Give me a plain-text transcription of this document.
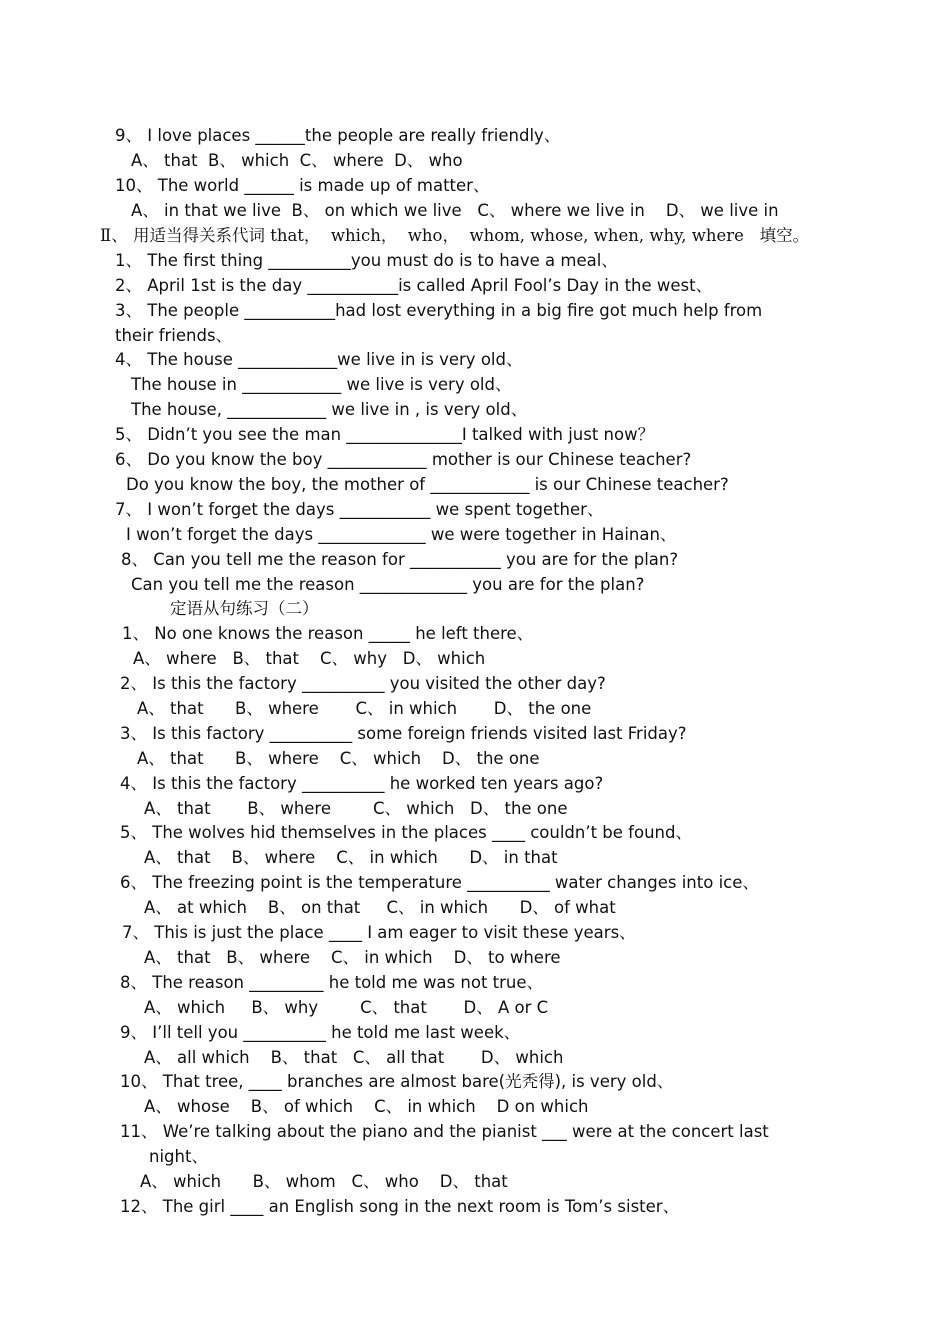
9、 I love places ______the people are really friendly、
A、 that  B、 which  C、 where  D、 who
10、 The world ______ is made up of matter、
A、 in that we live  B、 on which we live   C、 where we live in    D、 we live in
Ⅱ、 用适当得关系代词 that，  which，  who，  whom, whose, when, why, where   填空。
1、 The first thing __________you must do is to have a meal、
2、 April 1st is the day ___________is called April Fool’s Day in the west、
3、 The people ___________had lost everything in a big fire got much help from
their friends、
4、 The house ____________we live in is very old、
The house in ____________ we live is very old、
The house, ____________ we live in , is very old、
5、 Didn’t you see the man ______________I talked with just now？
6、 Do you know the boy ____________ mother is our Chinese teacher?
Do you know the boy, the mother of ____________ is our Chinese teacher?
7、 I won’t forget the days ___________ we spent together、
I won’t forget the days _____________ we were together in Hainan、
8、 Can you tell me the reason for ___________ you are for the plan?
Can you tell me the reason _____________ you are for the plan?
定语从句练习（二）
1、 No one knows the reason _____ he left there、
A、 where   B、 that    C、 why   D、 which
2、 Is this the factory __________ you visited the other day?
A、 that      B、 where       C、 in which       D、 the one
3、 Is this factory __________ some foreign friends visited last Friday?
A、 that      B、 where    C、 which    D、 the one
4、 Is this the factory __________ he worked ten years ago?
A、 that       B、 where        C、 which   D、 the one
5、 The wolves hid themselves in the places ____ couldn’t be found、
A、 that    B、 where    C、 in which      D、 in that
6、 The freezing point is the temperature __________ water changes into ice、
A、 at which    B、 on that     C、 in which      D、 of what
7、 This is just the place ____ I am eager to visit these years、
A、 that   B、 where    C、 in which    D、 to where
8、 The reason _________ he told me was not true、
A、 which     B、 why        C、 that       D、 A or C
9、 I’ll tell you __________ he told me last week、
A、 all which    B、 that   C、 all that       D、 which
10、 That tree, ____ branches are almost bare(光秃得), is very old、
A、 whose    B、 of which    C、 in which    D on which
11、 We’re talking about the piano and the pianist ___ were at the concert last
night、
A、 which      B、 whom   C、 who    D、 that
12、 The girl ____ an English song in the next room is Tom’s sister、
